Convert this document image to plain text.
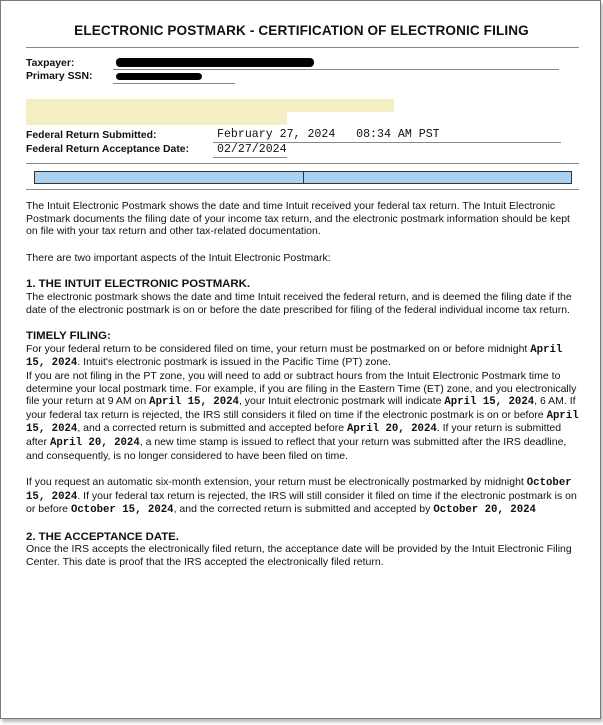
ELECTRONIC POSTMARK - CERTIFICATION OF ELECTRONIC FILING
Taxpayer:
Primary SSN:
Federal Return Submitted:	February 27, 2024   08:34 AM PST
Federal Return Acceptance Date: 02/27/2024

The Intuit Electronic Postmark shows the date and time Intuit received your federal tax return. The Intuit Electronic Postmark documents the filing date of your income tax return, and the electronic postmark information should be kept on file with your tax return and other tax-related documentation.

There are two important aspects of the Intuit Electronic Postmark:

1. THE INTUIT ELECTRONIC POSTMARK.

The electronic postmark shows the date and time Intuit received the federal return, and is deemed the filing date if the date of the electronic postmark is on or before the date prescribed for filing of the federal individual income tax return.

TIMELY FILING:

For your federal return to be considered filed on time, your return must be postmarked on or before midnight April 15, 2024. Intuit's electronic postmark is issued in the Pacific Time (PT) zone.
If you are not filing in the PT zone, you will need to add or subtract hours from the Intuit Electronic Postmark time to determine your local postmark time. For example, if you are filing in the Eastern Time (ET) zone, and you electronically file your return at 9 AM on April 15, 2024, your Intuit electronic postmark will indicate April 15, 2024, 6 AM. If your federal tax return is rejected, the IRS still considers it filed on time if the electronic postmark is on or before April 15, 2024, and a corrected return is submitted and accepted before April 20, 2024. If your return is submitted after April 20, 2024, a new time stamp is issued to reflect that your return was submitted after the IRS deadline, and consequently, is no longer considered to have been filed on time.

If you request an automatic six-month extension, your return must be electronically postmarked by midnight October 15, 2024. If your federal tax return is rejected, the IRS will still consider it filed on time if the electronic postmark is on or before October 15, 2024, and the corrected return is submitted and accepted by October 20, 2024

2. THE ACCEPTANCE DATE.

Once the IRS accepts the electronically filed return, the acceptance date will be provided by the Intuit Electronic Filing Center. This date is proof that the IRS accepted the electronically filed return.
